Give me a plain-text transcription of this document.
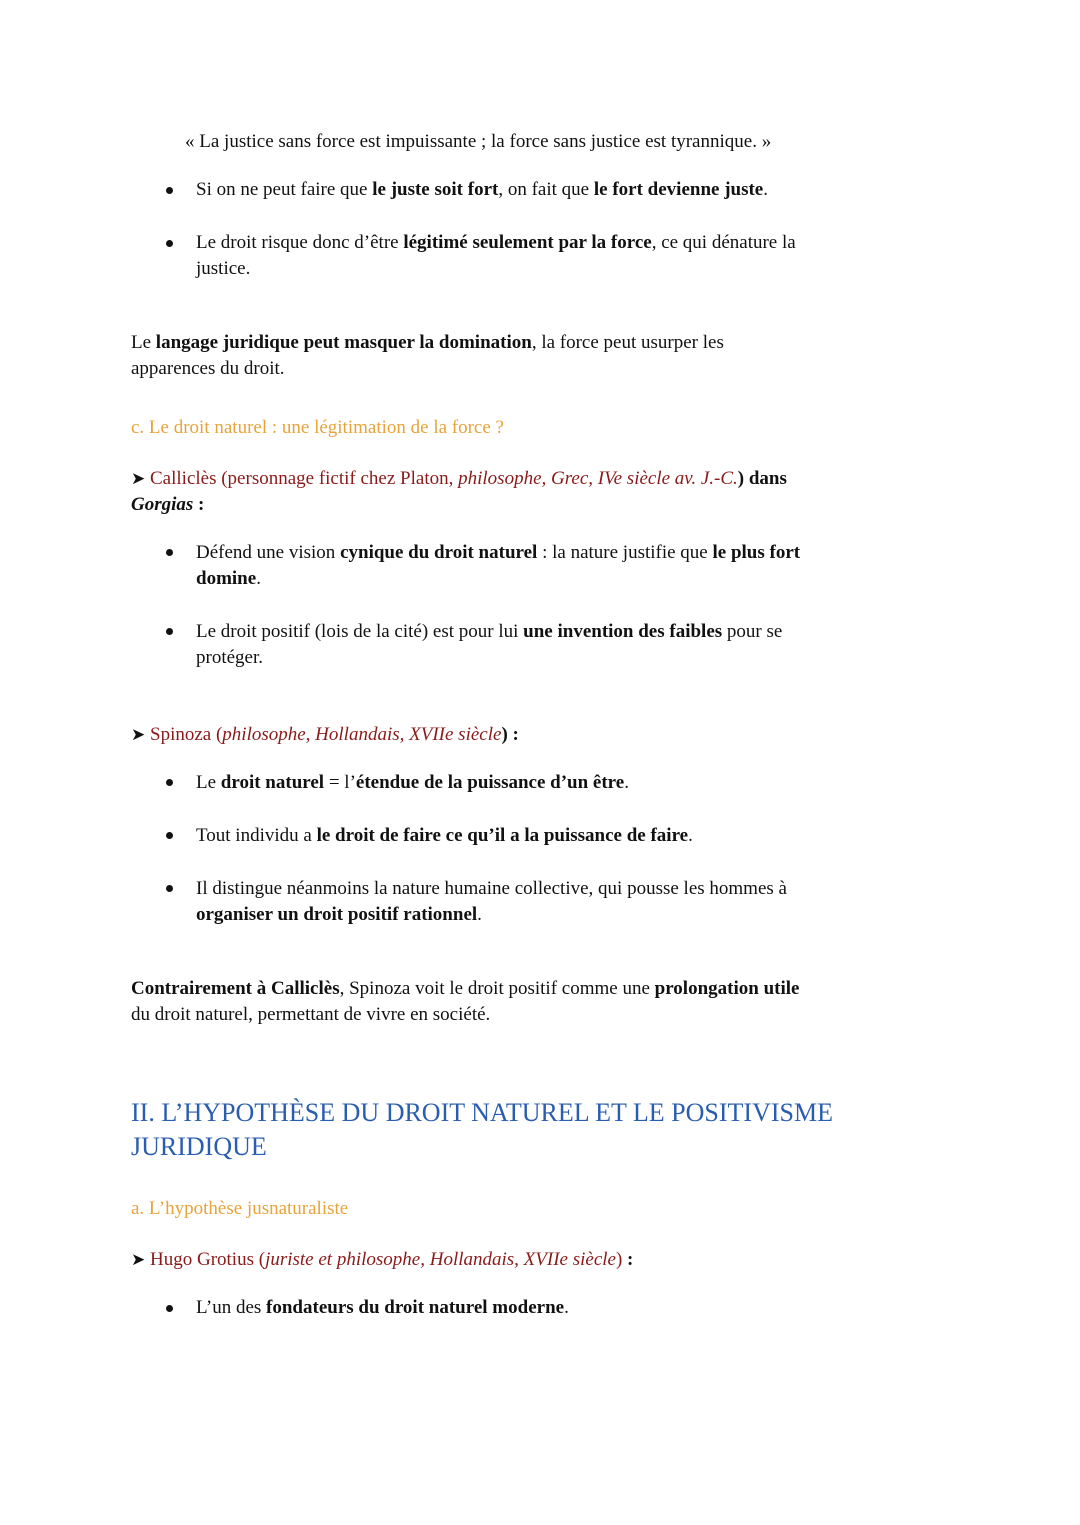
« La justice sans force est impuissante ; la force sans justice est tyrannique. »
Si on ne peut faire que le juste soit fort, on fait que le fort devienne juste.
Le droit risque donc d’être légitimé seulement par la force, ce qui dénature la
justice.
Le langage juridique peut masquer la domination, la force peut usurper les
apparences du droit.
c. Le droit naturel : une légitimation de la force ?
➤ Calliclès (personnage fictif chez Platon, philosophe, Grec, IVe siècle av. J.-C.) dans
Gorgias :
Défend une vision cynique du droit naturel : la nature justifie que le plus fort
domine.
Le droit positif (lois de la cité) est pour lui une invention des faibles pour se
protéger.
➤ Spinoza (philosophe, Hollandais, XVIIe siècle) :
Le droit naturel = l’étendue de la puissance d’un être.
Tout individu a le droit de faire ce qu’il a la puissance de faire.
Il distingue néanmoins la nature humaine collective, qui pousse les hommes à
organiser un droit positif rationnel.
Contrairement à Calliclès, Spinoza voit le droit positif comme une prolongation utile
du droit naturel, permettant de vivre en société.
II. L’HYPOTHÈSE DU DROIT NATUREL ET LE POSITIVISME
JURIDIQUE
a. L’hypothèse jusnaturaliste
➤ Hugo Grotius (juriste et philosophe, Hollandais, XVIIe siècle) :
L’un des fondateurs du droit naturel moderne.
